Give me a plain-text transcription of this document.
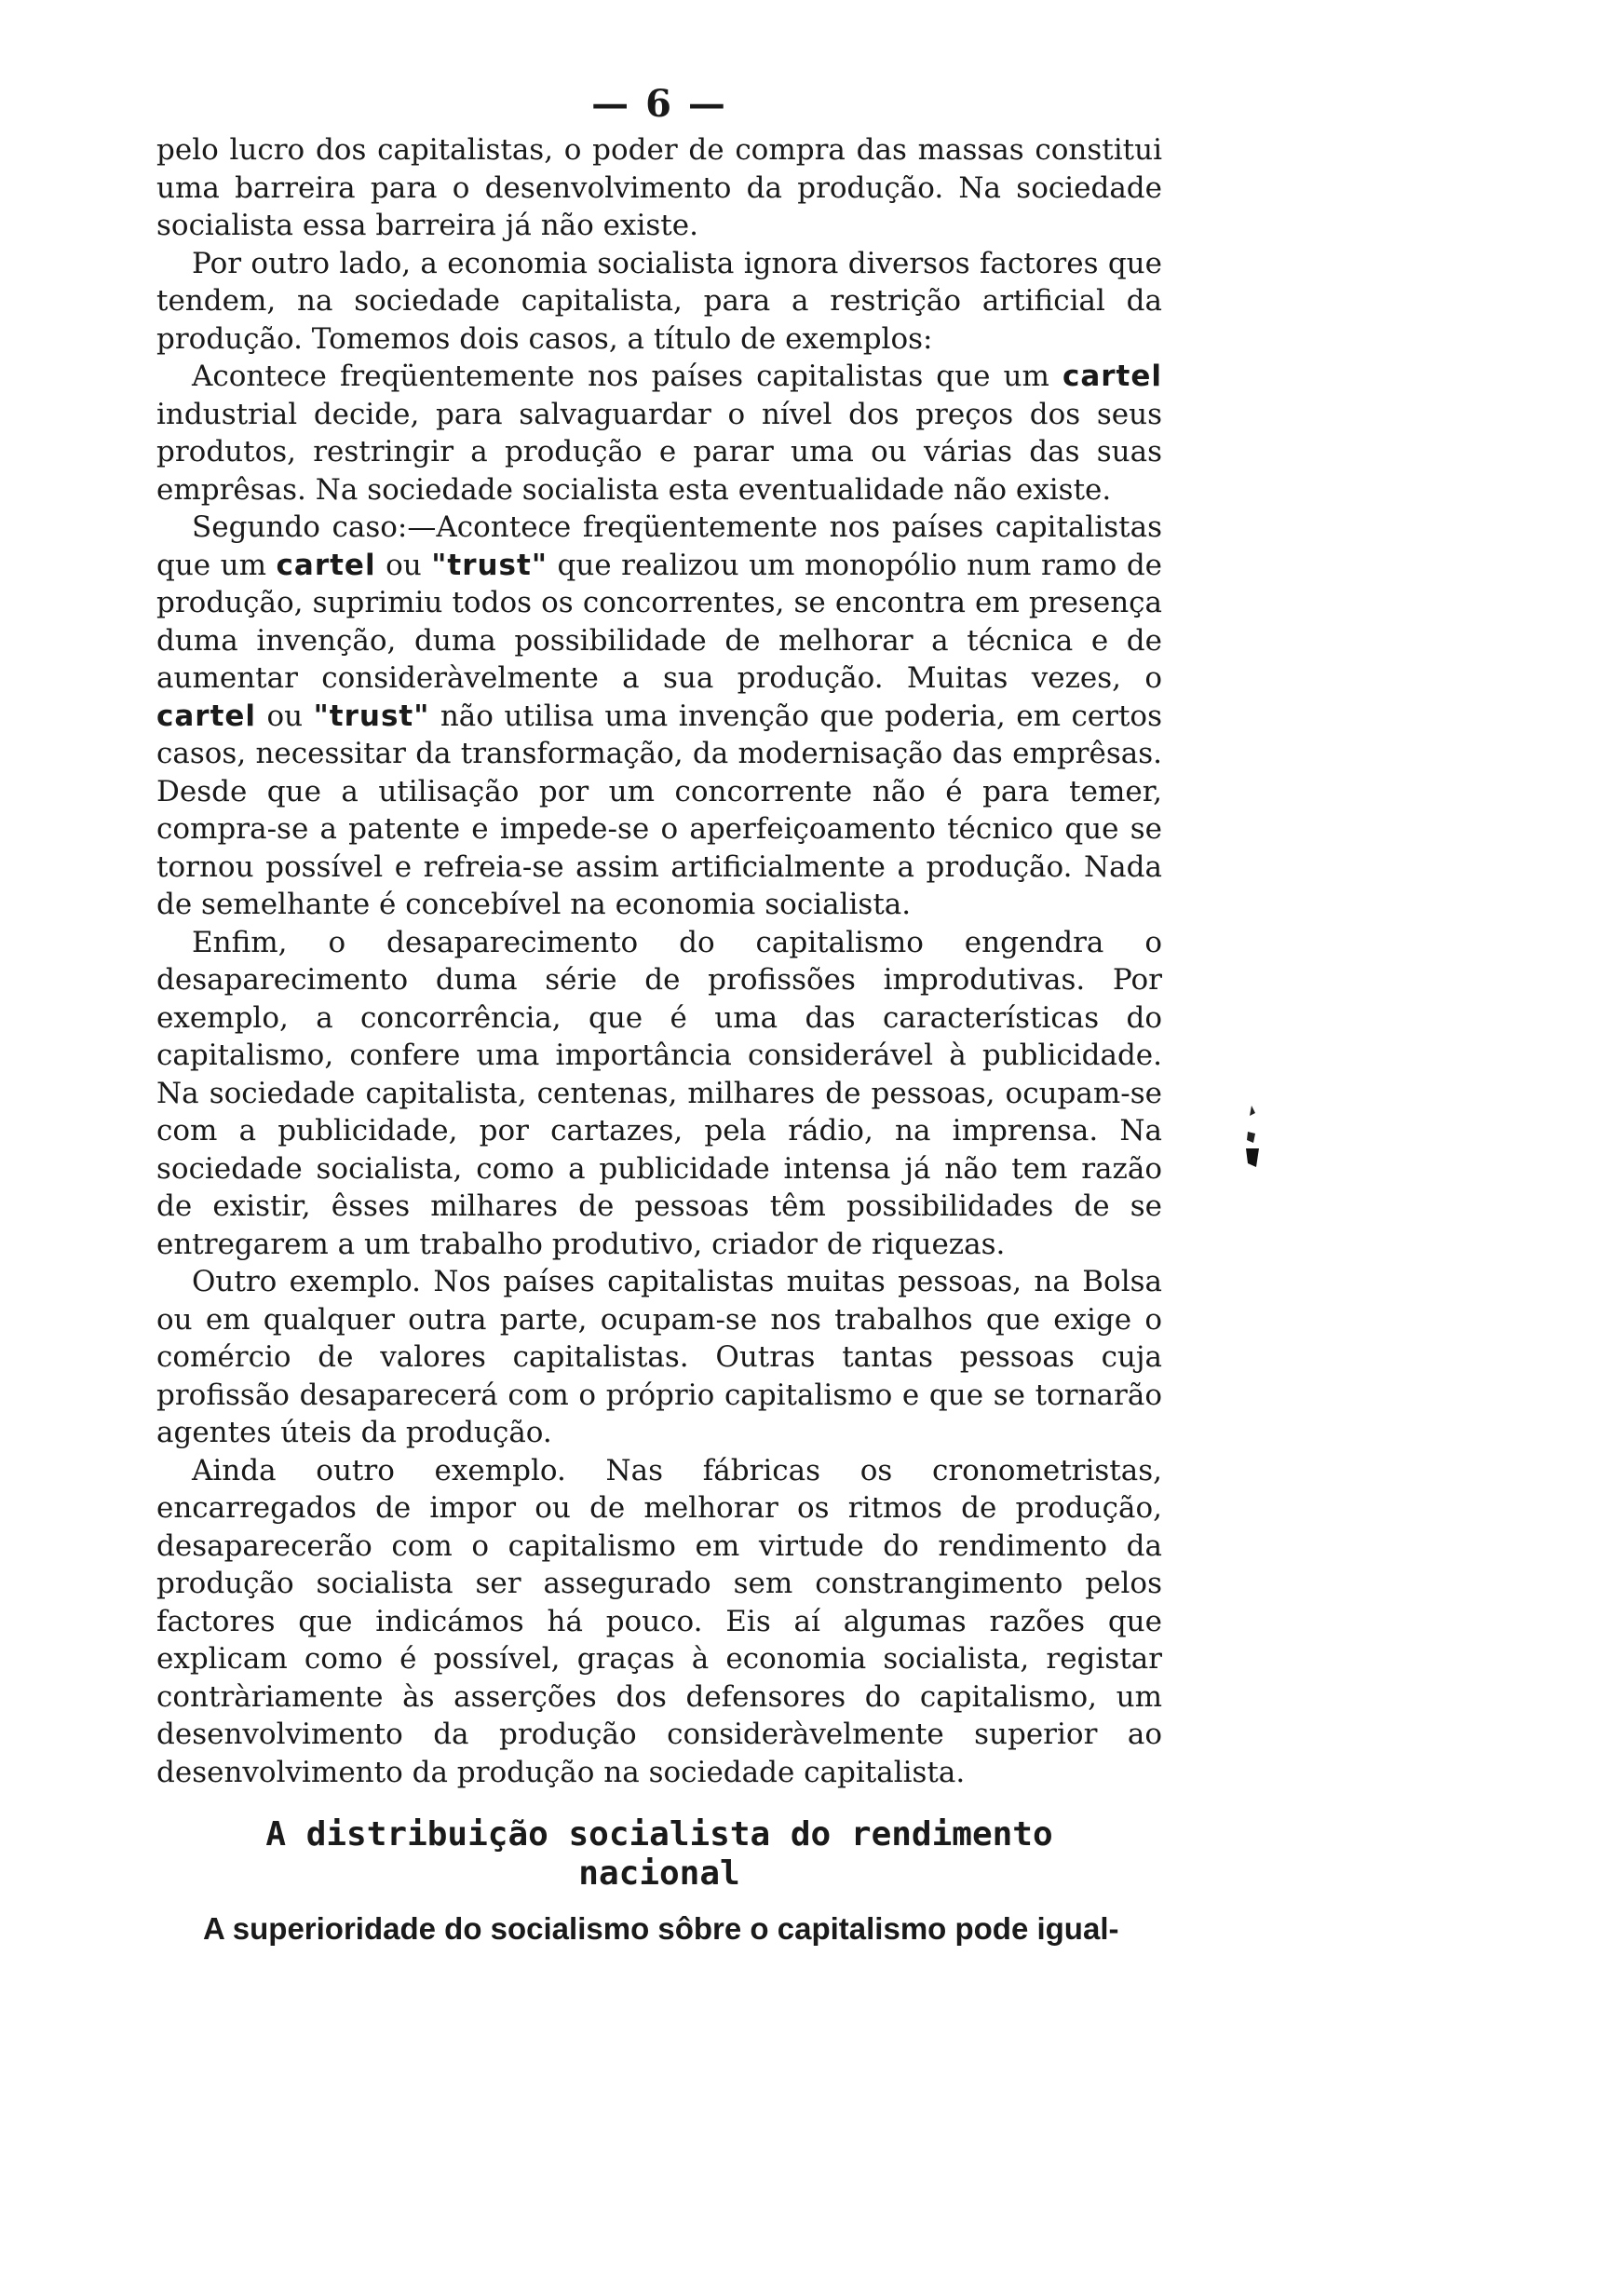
— 6 —

pelo lucro dos capitalistas, o poder de compra das massas constitui uma barreira para o desenvolvimento da produção. Na sociedade socialista essa barreira já não existe.

Por outro lado, a economia socialista ignora diversos factores que tendem, na sociedade capitalista, para a restrição artificial da produção. Tomemos dois casos, a título de exemplos:

Acontece freqüentemente nos países capitalistas que um cartel industrial decide, para salvaguardar o nível dos preços dos seus produtos, restringir a produção e parar uma ou várias das suas emprêsas. Na sociedade socialista esta eventualidade não existe.

Segundo caso:—Acontece freqüentemente nos países capitalistas que um cartel ou "trust" que realizou um monopólio num ramo de produção, suprimiu todos os concorrentes, se encontra em presença duma invenção, duma possibilidade de melhorar a técnica e de aumentar consideràvelmente a sua produção. Muitas vezes, o cartel ou "trust" não utilisa uma invenção que poderia, em certos casos, necessitar da transformação, da modernisação das emprêsas. Desde que a utilisação por um concorrente não é para temer, compra-se a patente e impede-se o aperfeiçoamento técnico que se tornou possível e refreia-se assim artificialmente a produção. Nada de semelhante é concebível na economia socialista.

Enfim, o desaparecimento do capitalismo engendra o desaparecimento duma série de profissões improdutivas. Por exemplo, a concorrência, que é uma das características do capitalismo, confere uma importância considerável à publicidade. Na sociedade capitalista, centenas, milhares de pessoas, ocupam-se com a publicidade, por cartazes, pela rádio, na imprensa. Na sociedade socialista, como a publicidade intensa já não tem razão de existir, êsses milhares de pessoas têm possibilidades de se entregarem a um trabalho produtivo, criador de riquezas.

Outro exemplo. Nos países capitalistas muitas pessoas, na Bolsa ou em qualquer outra parte, ocupam-se nos trabalhos que exige o comércio de valores capitalistas. Outras tantas pessoas cuja profissão desaparecerá com o próprio capitalismo e que se tornarão agentes úteis da produção.

Ainda outro exemplo. Nas fábricas os cronometristas, encarregados de impor ou de melhorar os ritmos de produção, desaparecerão com o capitalismo em virtude do rendimento da produção socialista ser assegurado sem constrangimento pelos factores que indicámos há pouco. Eis aí algumas razões que explicam como é possível, graças à economia socialista, registar contràriamente às asserções dos defensores do capitalismo, um desenvolvimento da produção consideràvelmente superior ao desenvolvimento da produção na sociedade capitalista.

A distribuição socialista do rendimento
nacional

A superioridade do socialismo sôbre o capitalismo pode igual-
